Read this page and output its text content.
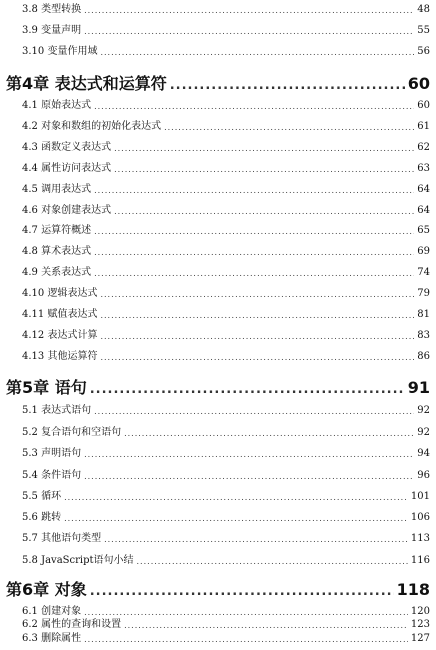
3.8 类型转换 .....	48
3.9 变量声明 .....	55
3.10 变量作用域 .....	56
第4章 表达式和运算符 .....	60
4.1 原始表达式 .....	60
4.2 对象和数组的初始化表达式 .....	61
4.3 函数定义表达式 .....	62
4.4 属性访问表达式 .....	63
4.5 调用表达式 .....	64
4.6 对象创建表达式 .....	64
4.7 运算符概述 .....	65
4.8 算术表达式 .....	69
4.9 关系表达式 .....	74
4.10 逻辑表达式 .....	79
4.11 赋值表达式 .....	81
4.12 表达式计算 .....	83
4.13 其他运算符 .....	86
第5章 语句 .....	91
5.1 表达式语句 .....	92
5.2 复合语句和空语句 .....	92
5.3 声明语句 .....	94
5.4 条件语句 .....	96
5.5 循环 .....	101
5.6 跳转 .....	106
5.7 其他语句类型 .....	113
5.8 JavaScript语句小结 .....	116
第6章 对象 .....	118
6.1 创建对象 .....	120
6.2 属性的查询和设置 .....	123
6.3 删除属性 .....	127
